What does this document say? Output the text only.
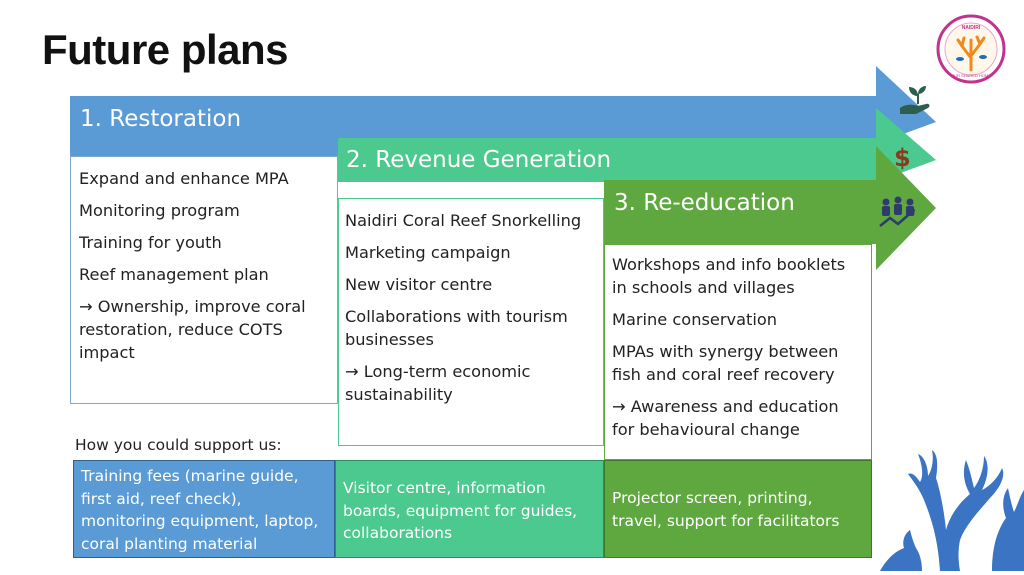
Future plans	NAIDIRI
OUR SHARED HOME
1. Restoration
2. Revenue Generation
3. Re-education
$
Expand and enhance MPA
Monitoring program
Training for youth
Reef management plan
→ Ownership, improve coral restoration, reduce COTS impact
Naidiri Coral Reef Snorkelling
Marketing campaign
New visitor centre
Collaborations with tourism businesses
→ Long-term economic sustainability
Workshops and info booklets in schools and villages
Marine conservation
MPAs with synergy between fish and coral reef recovery
→ Awareness and education for behavioural change
How you could support us:
Training fees (marine guide, first aid, reef check), monitoring equipment, laptop, coral planting material
Visitor centre, information boards, equipment for guides, collaborations
Projector screen, printing, travel, support for facilitators
